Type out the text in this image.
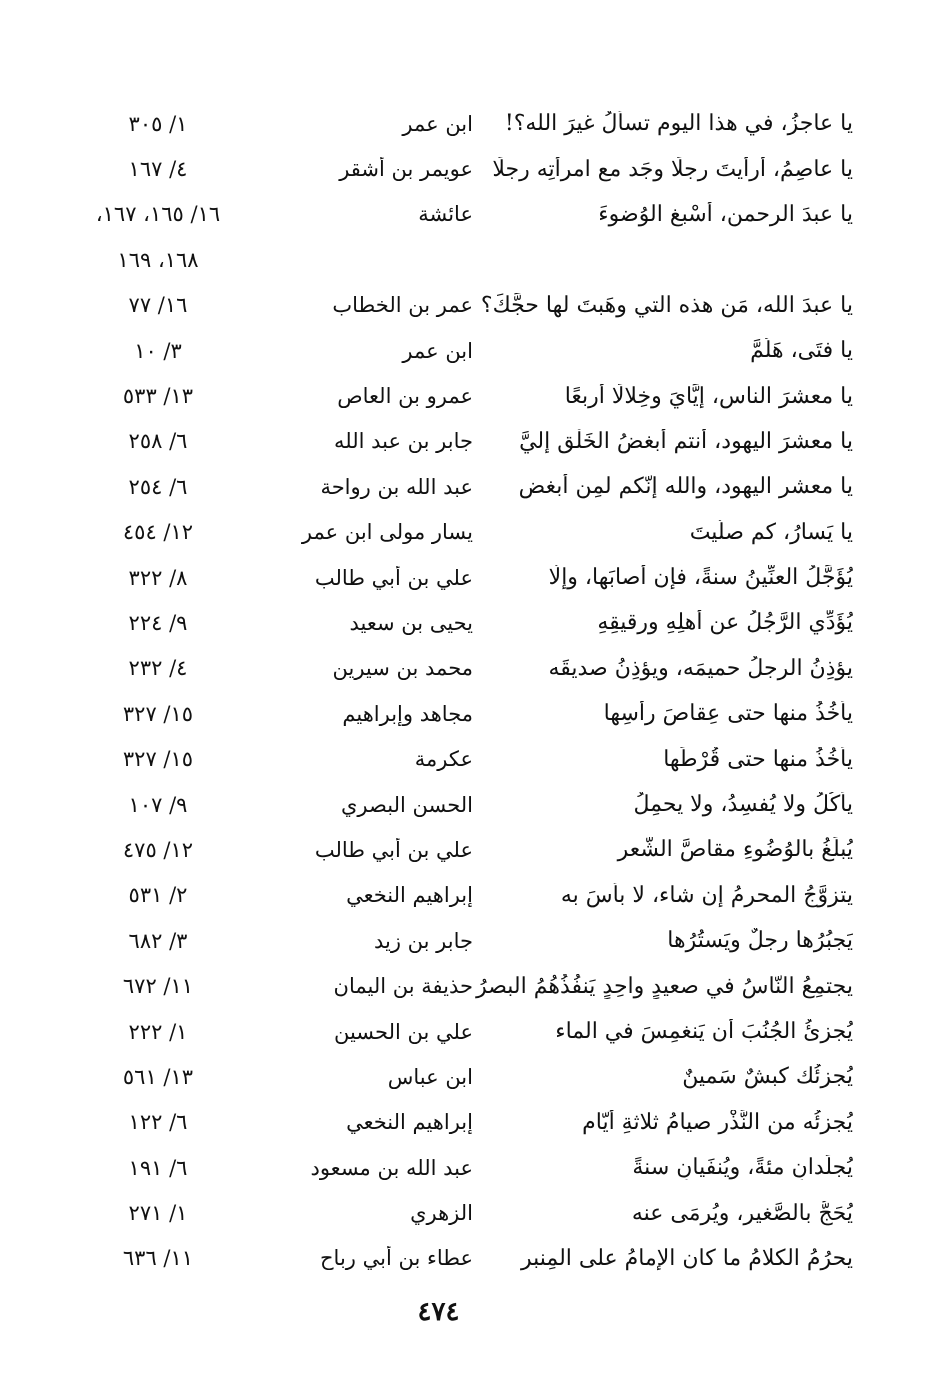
يا عاجزُ، في هذا اليوم تسألُ غيرَ الله؟!
ابن عمر
١/ ٣٠٥
يا عاصِمُ، أرأيتَ رجلًا وجَد مع امرأتِه رجلًا
عويمر بن أشقر
٤/ ١٦٧
يا عبدَ الرحمن، أسْبغ الوُضوءَ
عائشة
١٦/ ١٦٥، ١٦٧،
١٦٨، ١٦٩
يا عبدَ الله، مَن هذه التي وهَبتَ لها حجَّكَ؟
عمر بن الخطاب
١٦/ ٧٧
يا فتَى، هَلُمَّ
ابن عمر
٣/ ١٠
يا معشرَ الناس، إيَّايَ وخِلالًا أربعًا
عمرو بن العاص
١٣/ ٥٣٣
يا معشرَ اليهود، أنتم أبغضُ الخَلْقِ إليَّ
جابر بن عبد الله
٦/ ٢٥٨
يا معشر اليهود، والله إنّكم لمِن أبغضِ
عبد الله بن رواحة
٦/ ٢٥٤
يا يَسارُ، كم صلَّيتَ
يسار مولى ابن عمر
١٢/ ٤٥٤
يُؤَجَّلُ العنِّينُ سنةً، فإن أصابَها، وإلّا
علي بن أبي طالب
٨/ ٣٢٢
يُؤَدِّي الرَّجُلُ عن أهلِهِ ورقيقِهِ
يحيى بن سعيد
٩/ ٢٢٤
يؤذِنُ الرجلُ حميمَه، ويؤذِنُ صديقَه
محمد بن سيرين
٤/ ٢٣٢
يأخُذُ منها حتى عِقاصَ رأسِها
مجاهد وإبراهيم
١٥/ ٣٢٧
يأخُذُ منها حتى قُرْطَها
عكرمة
١٥/ ٣٢٧
يأكُلُ ولا يُفسِدُ، ولا يحمِلُ
الحسن البصري
٩/ ١٠٧
يُبلَغُ بالوُضُوءِ مقاصَّ الشَّعرِ
علي بن أبي طالب
١٢/ ٤٧٥
يتزوَّجُ المحرمُ إن شاء، لا بأسَ به
إبراهيم النخعي
٢/ ٥٣١
يَجبُرُها رجلٌ ويَستُرُها
جابر بن زيد
٣/ ٦٨٢
يجتمِعُ النّاسُ في صعيدٍ واحِدٍ يَنفُذُهُمُ البصرُ
حذيفة بن اليمان
١١/ ٦٧٢
يُجزِئُ الجُنُبَ أن يَنغمِسَ في الماء
علي بن الحسين
١/ ٢٢٢
يُجزئُك كبشٌ سَمينٌ
ابن عباس
١٣/ ٥٦١
يُجزِئُه من النَّذْرِ صيامُ ثلاثةِ أيّام
إبراهيم النخعي
٦/ ١٢٢
يُجلَدانِ مئةً، ويُنفَيانِ سنةً
عبد الله بن مسعود
٦/ ١٩١
يُحَجُّ بالصَّغيرِ، ويُرمَى عنه
الزهري
١/ ٢٧١
يحرُمُ الكلامُ ما كان الإمامُ على المِنبرِ
عطاء بن أبي رباح
١١/ ٦٣٦
٤٧٤
